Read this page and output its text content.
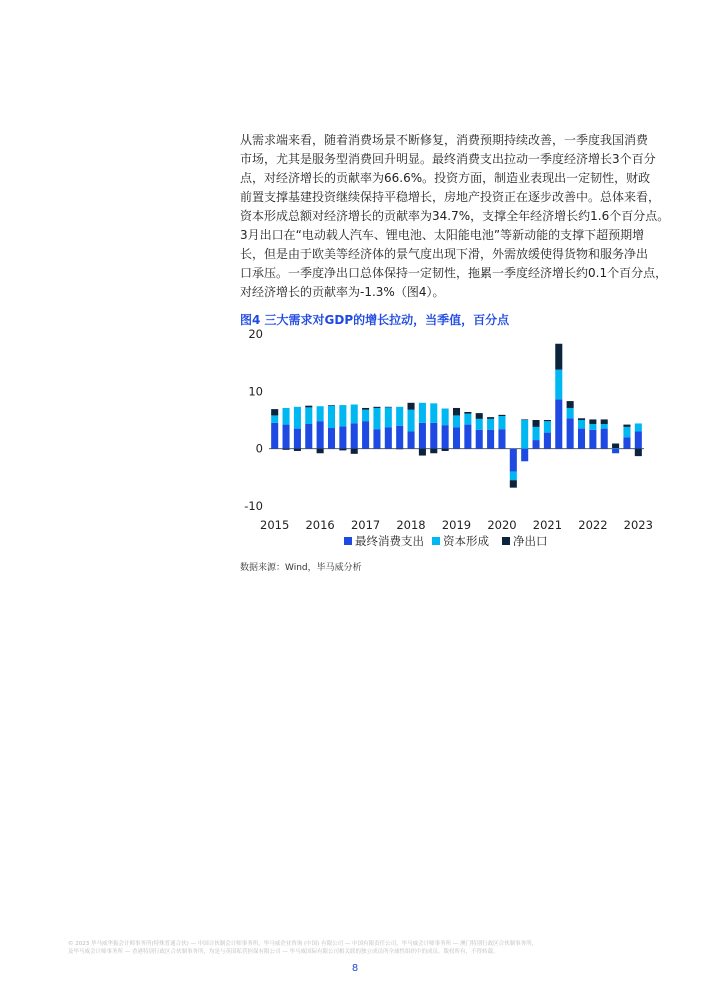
从需求端来看，随着消费场景不断修复，消费预期持续改善，一季度我国消费
市场，尤其是服务型消费回升明显。最终消费支出拉动一季度经济增长3个百分
点，对经济增长的贡献率为66.6%。投资方面，制造业表现出一定韧性，财政
前置支撑基建投资继续保持平稳增长，房地产投资正在逐步改善中。总体来看，
资本形成总额对经济增长的贡献率为34.7%，支撑全年经济增长约1.6个百分点。
3月出口在“电动载人汽车、锂电池、太阳能电池”等新动能的支撑下超预期增
长，但是由于欧美等经济体的景气度出现下滑，外需放缓使得货物和服务净出
口承压。一季度净出口总体保持一定韧性，拖累一季度经济增长约0.1个百分点，
对经济增长的贡献率为-1.3%（图4）。
图4 三大需求对GDP的增长拉动，当季值，百分点
-10
0
10
20
2015 2016 2017 2018 2019 2020 2021 2022 2023
最终消费支出 资本形成 净出口
数据来源：Wind，毕马威分析
© 2023 毕马威华振会计师事务所(特殊普通合伙) — 中国合伙制会计师事务所，毕马威企业咨询 (中国) 有限公司 — 中国有限责任公司，毕马威会计师事务所 — 澳门特别行政区合伙制事务所，
及毕马威会计师事务所 — 香港特别行政区合伙制事务所，均是与英国私营担保有限公司 — 毕马威国际有限公司相关联的独立成员所全球性组织中的成员。版权所有，不得转载。
8
